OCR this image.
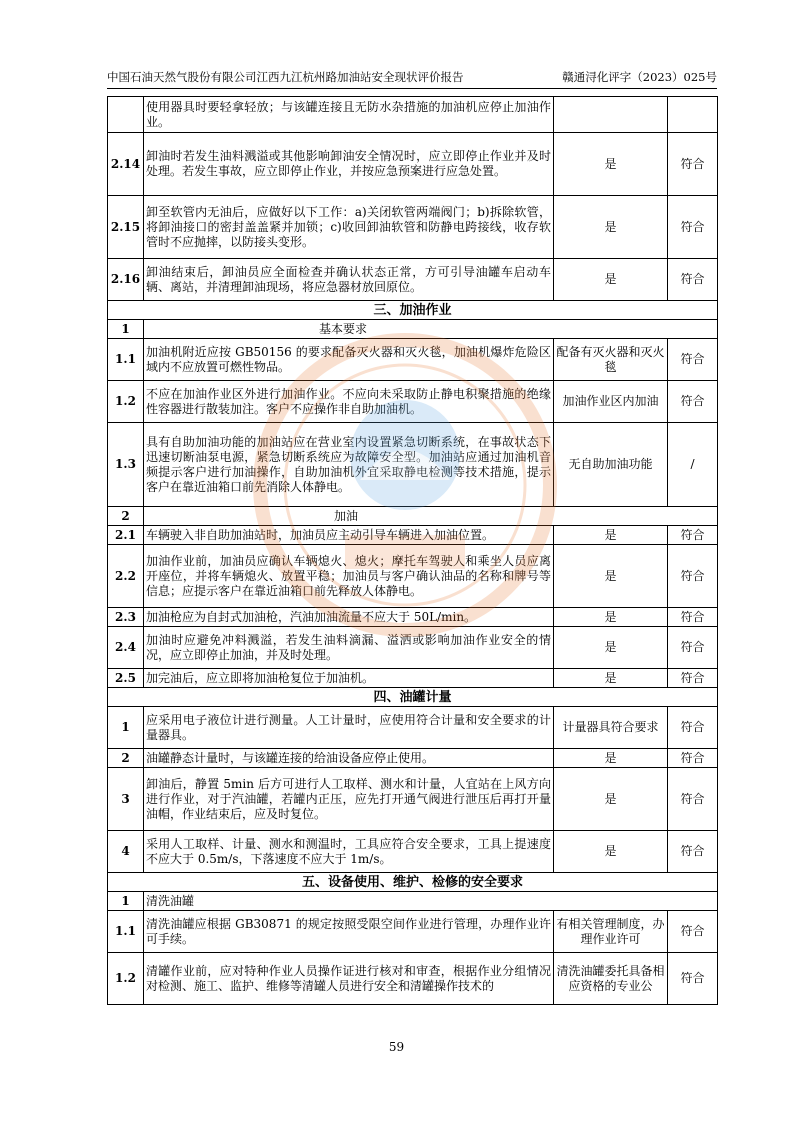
中国石油天然气股份有限公司江西九江杭州路加油站安全现状评价报告	赣通浔化评字（2023）025号
	使用器具时要轻拿轻放；与该罐连接且无防水杂措施的加油机应停止加油作业。		
2.14	卸油时若发生油料溅溢或其他影响卸油安全情况时，应立即停止作业并及时处理。若发生事故，应立即停止作业，并按应急预案进行应急处置。	是	符合
2.15	卸至软管内无油后，应做好以下工作：a)关闭软管两端阀门；b)拆除软管，将卸油接口的密封盖盖紧并加锁；c)收回卸油软管和防静电跨接线，收存软管时不应抛摔，以防接头变形。	是	符合
2.16	卸油结束后，卸油员应全面检查并确认状态正常，方可引导油罐车启动车辆、离站，并清理卸油现场，将应急器材放回原位。	是	符合
三、加油作业			
1	基本要求		
1.1	加油机附近应按 GB50156 的要求配备灭火器和灭火毯，加油机爆炸危险区域内不应放置可燃性物品。	配备有灭火器和灭火毯	符合
1.2	不应在加油作业区外进行加油作业。不应向未采取防止静电积聚措施的绝缘性容器进行散装加注。客户不应操作非自助加油机。	加油作业区内加油	符合
1.3	具有自助加油功能的加油站应在营业室内设置紧急切断系统，在事故状态下迅速切断油泵电源，紧急切断系统应为故障安全型。加油站应通过加油机音频提示客户进行加油操作，自助加油机外宜采取静电检测等技术措施，提示客户在靠近油箱口前先消除人体静电。	无自助加油功能	/
2	加油		
2.1	车辆驶入非自助加油站时，加油员应主动引导车辆进入加油位置。	是	符合
2.2	加油作业前，加油员应确认车辆熄火、熄火；摩托车驾驶人和乘坐人员应离开座位，并将车辆熄火、放置平稳；加油员与客户确认油品的名称和牌号等信息；应提示客户在靠近油箱口前先释放人体静电。	是	符合
2.3	加油枪应为自封式加油枪，汽油加油流量不应大于 50L/min。	是	符合
2.4	加油时应避免冲料溅溢，若发生油料滴漏、溢洒或影响加油作业安全的情况，应立即停止加油，并及时处理。	是	符合
2.5	加完油后，应立即将加油枪复位于加油机。	是	符合
四、油罐计量			
1	应采用电子液位计进行测量。人工计量时，应使用符合计量和安全要求的计量器具。	计量器具符合要求	符合
2	油罐静态计量时，与该罐连接的给油设备应停止使用。	是	符合
3	卸油后，静置 5min 后方可进行人工取样、测水和计量，人宜站在上风方向进行作业，对于汽油罐，若罐内正压，应先打开通气阀进行泄压后再打开量油帽，作业结束后，应及时复位。	是	符合
4	采用人工取样、计量、测水和测温时，工具应符合安全要求，工具上提速度不应大于 0.5m/s，下落速度不应大于 1m/s。	是	符合
五、设备使用、维护、检修的安全要求			
1	清洗油罐		
1.1	清洗油罐应根据 GB30871 的规定按照受限空间作业进行管理，办理作业许可手续。	有相关管理制度，办理作业许可	符合
1.2	清罐作业前，应对特种作业人员操作证进行核对和审查，根据作业分组情况对检测、施工、监护、维修等清罐人员进行安全和清罐操作技术的	清洗油罐委托具备相应资格的专业公	符合
59
